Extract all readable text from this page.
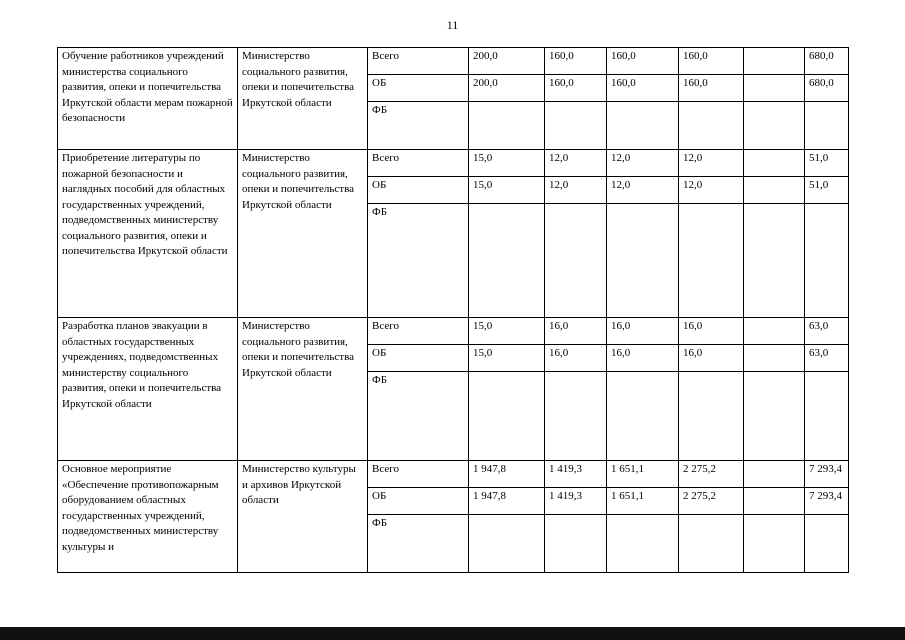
11
Обучение работников учреждений министерства социального развития, опеки и попечительства Иркутской области мерам пожарной безопасности	Министерство социального развития, опеки и попечительства Иркутской области	Всего	200,0	160,0	160,0	160,0		680,0
		ОБ	200,0	160,0	160,0	160,0		680,0
		ФБ						
Приобретение литературы по пожарной безопасности и наглядных пособий для областных государственных учреждений, подведомственных министерству социального развития, опеки и попечительства Иркутской области	Министерство социального развития, опеки и попечительства Иркутской области	Всего	15,0	12,0	12,0	12,0		51,0
		ОБ	15,0	12,0	12,0	12,0		51,0
		ФБ						
Разработка планов эвакуации в областных государственных учреждениях, подведомственных министерству социального развития, опеки и попечительства Иркутской области	Министерство социального развития, опеки и попечительства Иркутской области	Всего	15,0	16,0	16,0	16,0		63,0
		ОБ	15,0	16,0	16,0	16,0		63,0
		ФБ						
Основное мероприятие «Обеспечение противопожарным оборудованием областных государственных учреждений, подведомственных министерству культуры и	Министерство культуры и архивов Иркутской области	Всего	1 947,8	1 419,3	1 651,1	2 275,2		7 293,4
		ОБ	1 947,8	1 419,3	1 651,1	2 275,2		7 293,4
		ФБ						
